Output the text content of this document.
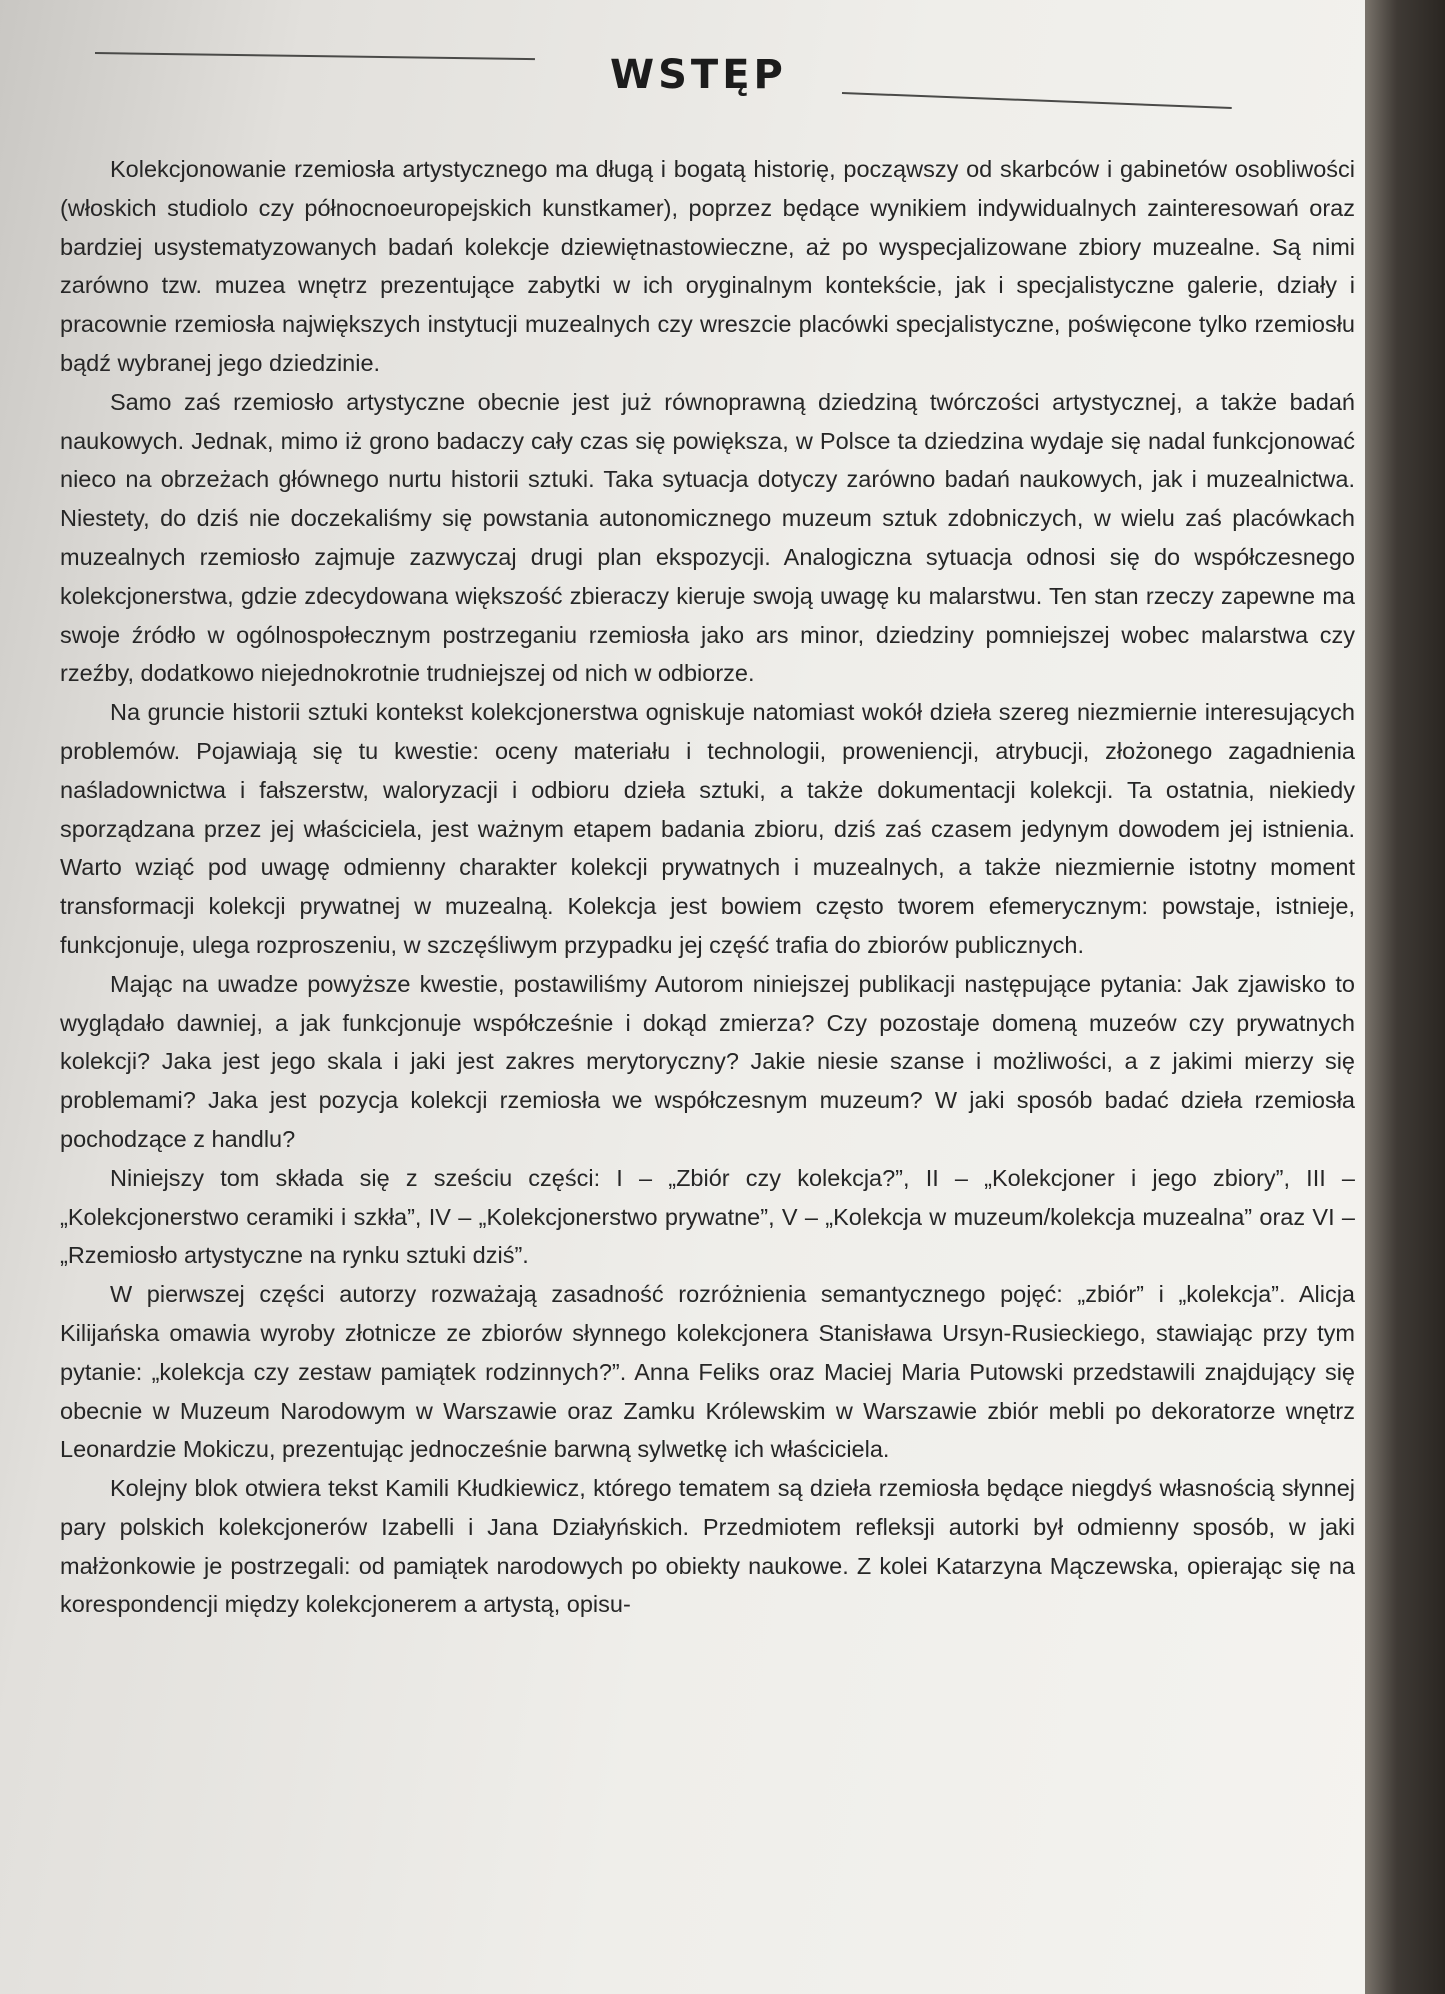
WSTĘP

Kolekcjonowanie rzemiosła artystycznego ma długą i bogatą historię, począwszy od skarbców i gabinetów osobliwości (włoskich studiolo czy północnoeuropejskich kunstkamer), poprzez będące wynikiem indywidualnych zainteresowań oraz bardziej usystematyzowanych badań kolekcje dziewiętnastowieczne, aż po wyspecjalizowane zbiory muzealne. Są nimi zarówno tzw. muzea wnętrz prezentujące zabytki w ich oryginalnym kontekście, jak i specjalistyczne galerie, działy i pracownie rzemiosła największych instytucji muzealnych czy wreszcie placówki specjalistyczne, poświęcone tylko rzemiosłu bądź wybranej jego dziedzinie.

Samo zaś rzemiosło artystyczne obecnie jest już równoprawną dziedziną twórczości artystycznej, a także badań naukowych. Jednak, mimo iż grono badaczy cały czas się powiększa, w Polsce ta dziedzina wydaje się nadal funkcjonować nieco na obrzeżach głównego nurtu historii sztuki. Taka sytuacja dotyczy zarówno badań naukowych, jak i muzealnictwa. Niestety, do dziś nie doczekaliśmy się powstania autonomicznego muzeum sztuk zdobniczych, w wielu zaś placówkach muzealnych rzemiosło zajmuje zazwyczaj drugi plan ekspozycji. Analogiczna sytuacja odnosi się do współczesnego kolekcjonerstwa, gdzie zdecydowana większość zbieraczy kieruje swoją uwagę ku malarstwu. Ten stan rzeczy zapewne ma swoje źródło w ogólnospołecznym postrzeganiu rzemiosła jako ars minor, dziedziny pomniejszej wobec malarstwa czy rzeźby, dodatkowo niejednokrotnie trudniejszej od nich w odbiorze.

Na gruncie historii sztuki kontekst kolekcjonerstwa ogniskuje natomiast wokół dzieła szereg niezmiernie interesujących problemów. Pojawiają się tu kwestie: oceny materiału i technologii, proweniencji, atrybucji, złożonego zagadnienia naśladownictwa i fałszerstw, waloryzacji i odbioru dzieła sztuki, a także dokumentacji kolekcji. Ta ostatnia, niekiedy sporządzana przez jej właściciela, jest ważnym etapem badania zbioru, dziś zaś czasem jedynym dowodem jej istnienia. Warto wziąć pod uwagę odmienny charakter kolekcji prywatnych i muzealnych, a także niezmiernie istotny moment transformacji kolekcji prywatnej w muzealną. Kolekcja jest bowiem często tworem efemerycznym: powstaje, istnieje, funkcjonuje, ulega rozproszeniu, w szczęśliwym przypadku jej część trafia do zbiorów publicznych.

Mając na uwadze powyższe kwestie, postawiliśmy Autorom niniejszej publikacji następujące pytania: Jak zjawisko to wyglądało dawniej, a jak funkcjonuje współcześnie i dokąd zmierza? Czy pozostaje domeną muzeów czy prywatnych kolekcji? Jaka jest jego skala i jaki jest zakres merytoryczny? Jakie niesie szanse i możliwości, a z jakimi mierzy się problemami? Jaka jest pozycja kolekcji rzemiosła we współczesnym muzeum? W jaki sposób badać dzieła rzemiosła pochodzące z handlu?

Niniejszy tom składa się z sześciu części: I – „Zbiór czy kolekcja?”, II – „Kolekcjoner i jego zbiory”, III – „Kolekcjonerstwo ceramiki i szkła”, IV – „Kolekcjonerstwo prywatne”, V – „Kolekcja w muzeum/kolekcja muzealna” oraz VI – „Rzemiosło artystyczne na rynku sztuki dziś”.

W pierwszej części autorzy rozważają zasadność rozróżnienia semantycznego pojęć: „zbiór” i „kolekcja”. Alicja Kilijańska omawia wyroby złotnicze ze zbiorów słynnego kolekcjonera Stanisława Ursyn-Rusieckiego, stawiając przy tym pytanie: „kolekcja czy zestaw pamiątek rodzinnych?”. Anna Feliks oraz Maciej Maria Putowski przedstawili znajdujący się obecnie w Muzeum Narodowym w Warszawie oraz Zamku Królewskim w Warszawie zbiór mebli po dekoratorze wnętrz Leonardzie Mokiczu, prezentując jednocześnie barwną sylwetkę ich właściciela.

Kolejny blok otwiera tekst Kamili Kłudkiewicz, którego tematem są dzieła rzemiosła będące niegdyś własnością słynnej pary polskich kolekcjonerów Izabelli i Jana Działyńskich. Przedmiotem refleksji autorki był odmienny sposób, w jaki małżonkowie je postrzegali: od pamiątek narodowych po obiekty naukowe. Z kolei Katarzyna Mączewska, opierając się na korespondencji między kolekcjonerem a artystą, opisu-
